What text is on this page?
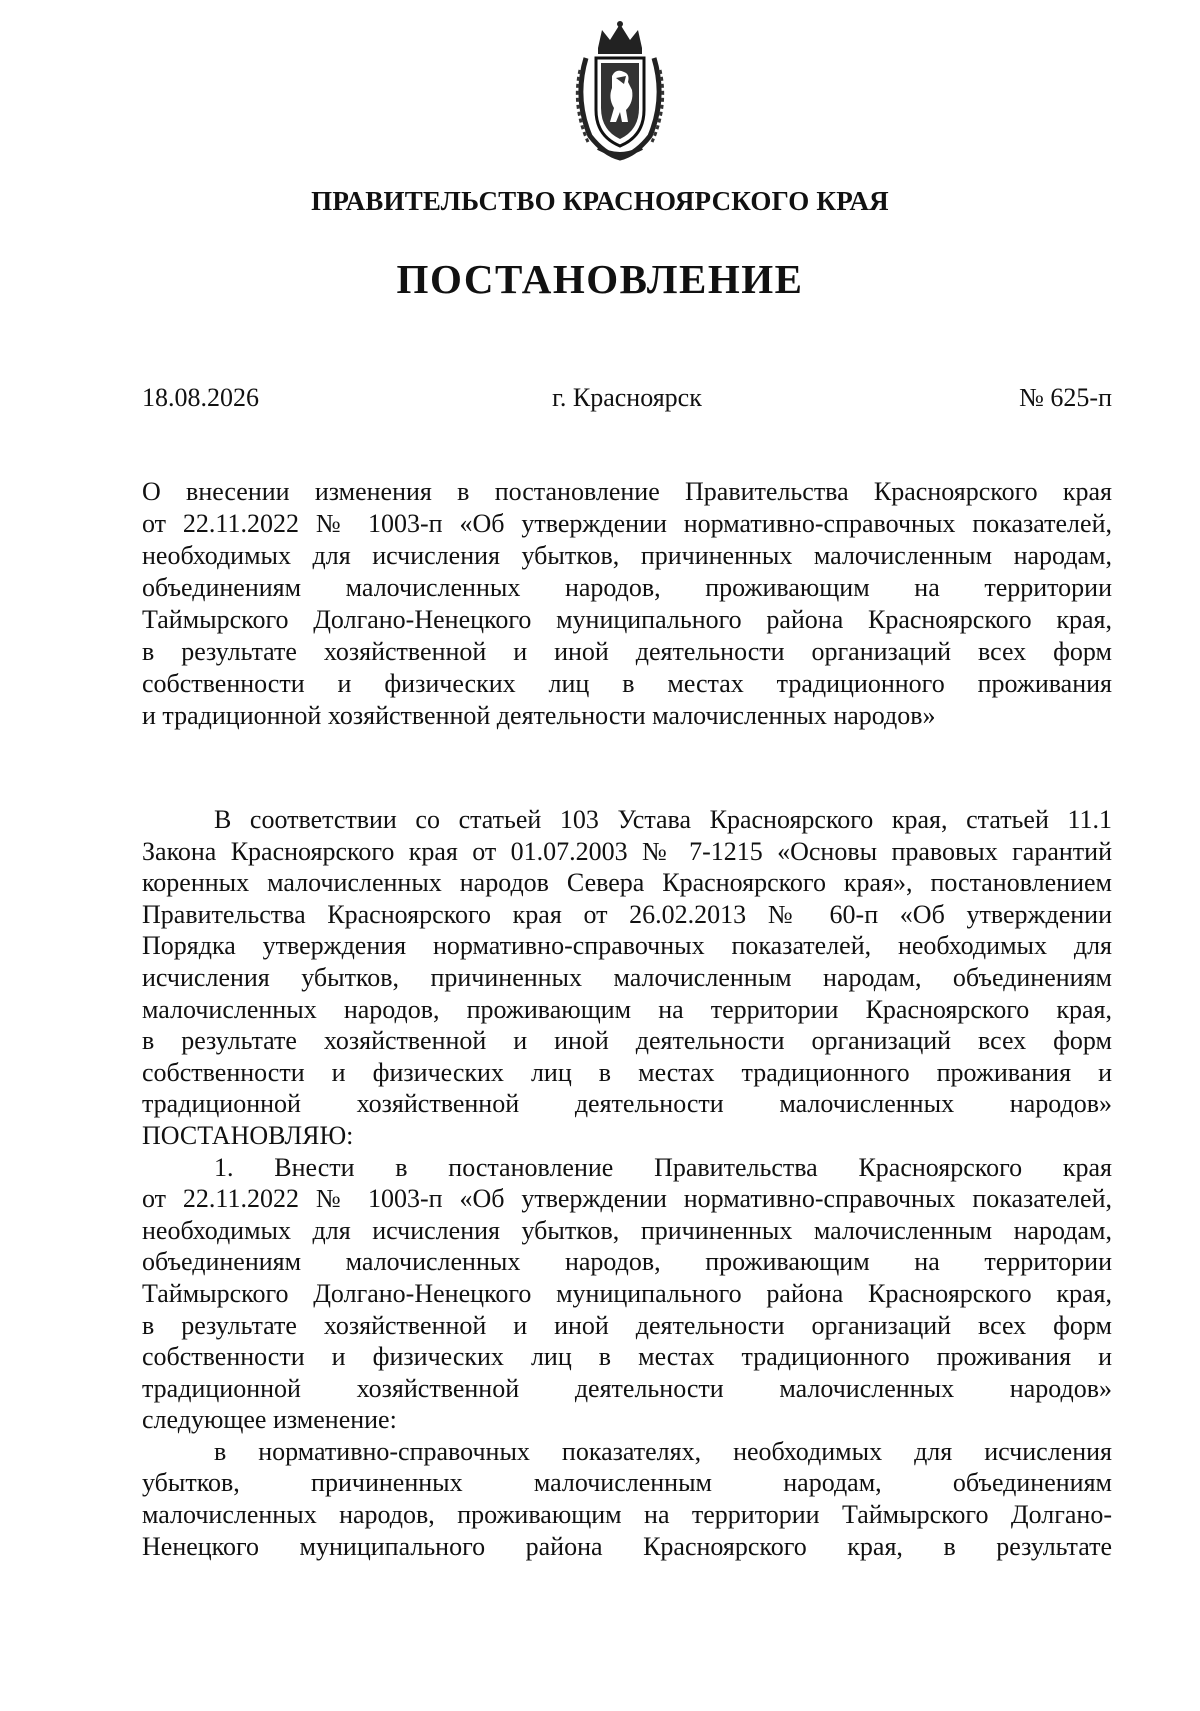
ПРАВИТЕЛЬСТВО КРАСНОЯРСКОГО КРАЯ
ПОСТАНОВЛЕНИЕ
18.08.2026	г. Красноярск	№ 625-п
О внесении изменения в постановление Правительства Красноярского края
от 22.11.2022 № 1003-п «Об утверждении нормативно-справочных показателей,
необходимых для исчисления убытков, причиненных малочисленным народам,
объединениям малочисленных народов, проживающим на территории
Таймырского Долгано-Ненецкого муниципального района Красноярского края,
в результате хозяйственной и иной деятельности организаций всех форм
собственности и физических лиц в местах традиционного проживания
и традиционной хозяйственной деятельности малочисленных народов»
В соответствии со статьей 103 Устава Красноярского края, статьей 11.1
Закона Красноярского края от 01.07.2003 № 7-1215 «Основы правовых гарантий
коренных малочисленных народов Севера Красноярского края», постановлением
Правительства Красноярского края от 26.02.2013 № 60-п «Об утверждении
Порядка утверждения нормативно-справочных показателей, необходимых для
исчисления убытков, причиненных малочисленным народам, объединениям
малочисленных народов, проживающим на территории Красноярского края,
в результате хозяйственной и иной деятельности организаций всех форм
собственности и физических лиц в местах традиционного проживания и
традиционной хозяйственной деятельности малочисленных народов»
ПОСТАНОВЛЯЮ:
1. Внести в постановление Правительства Красноярского края
от 22.11.2022 № 1003-п «Об утверждении нормативно-справочных показателей,
необходимых для исчисления убытков, причиненных малочисленным народам,
объединениям малочисленных народов, проживающим на территории
Таймырского Долгано-Ненецкого муниципального района Красноярского края,
в результате хозяйственной и иной деятельности организаций всех форм
собственности и физических лиц в местах традиционного проживания и
традиционной хозяйственной деятельности малочисленных народов»
следующее изменение:
в нормативно-справочных показателях, необходимых для исчисления
убытков, причиненных малочисленным народам, объединениям
малочисленных народов, проживающим на территории Таймырского Долгано-
Ненецкого муниципального района Красноярского края, в результате
